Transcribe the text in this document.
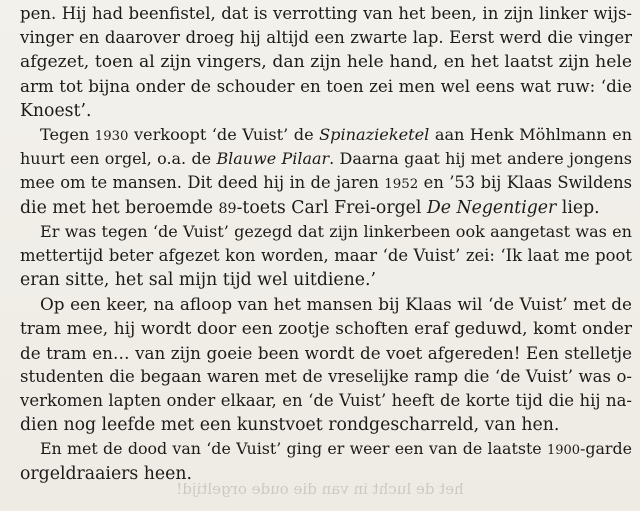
pen. Hij had beenfistel, dat is verrotting van het been, in zijn linker wijs-
vinger en daarover droeg hij altijd een zwarte lap. Eerst werd die vinger
afgezet, toen al zijn vingers, dan zijn hele hand, en het laatst zijn hele
arm tot bijna onder de schouder en toen zei men wel eens wat ruw: ‘die
Knoest’.
Tegen 1930 verkoopt ‘de Vuist’ de Spinazieketel aan Henk Möhlmann en
huurt een orgel, o.a. de Blauwe Pilaar. Daarna gaat hij met andere jongens
mee om te mansen. Dit deed hij in de jaren 1952 en ’53 bij Klaas Swildens
die met het beroemde 89-toets Carl Frei-orgel De Negentiger liep.
Er was tegen ‘de Vuist’ gezegd dat zijn linkerbeen ook aangetast was en
mettertijd beter afgezet kon worden, maar ‘de Vuist’ zei: ‘Ik laat me poot
eran sitte, het sal mijn tijd wel uitdiene.’
Op een keer, na afloop van het mansen bij Klaas wil ‘de Vuist’ met de
tram mee, hij wordt door een zootje schoften eraf geduwd, komt onder
de tram en… van zijn goeie been wordt de voet afgereden! Een stelletje
studenten die begaan waren met de vreselijke ramp die ‘de Vuist’ was o-
verkomen lapten onder elkaar, en ‘de Vuist’ heeft de korte tijd die hij na-
dien nog leefde met een kunstvoet rondgescharreld, van hen.
En met de dood van ‘de Vuist’ ging er weer een van de laatste 1900-garde
orgeldraaiers heen.
het de lucht in van die oude orgeltijd!
